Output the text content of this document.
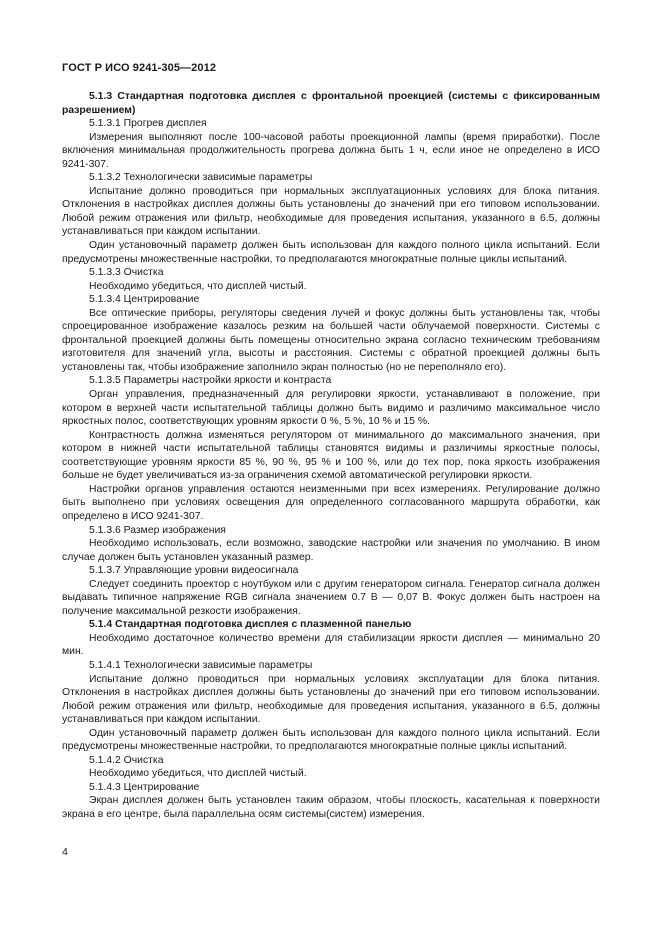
ГОСТ Р ИСО 9241-305—2012

5.1.3 Стандартная подготовка дисплея с фронтальной проекцией (системы с фиксированным разрешением)

5.1.3.1 Прогрев дисплея

Измерения выполняют после 100-часовой работы проекционной лампы (время приработки). После включения минимальная продолжительность прогрева должна быть 1 ч, если иное не определено в ИСО 9241-307.

5.1.3.2 Технологически зависимые параметры

Испытание должно проводиться при нормальных эксплуатационных условиях для блока питания. Отклонения в настройках дисплея должны быть установлены до значений при его типовом использовании. Любой режим отражения или фильтр, необходимые для проведения испытания, указанного в 6.5, должны устанавливаться при каждом испытании.

Один установочный параметр должен быть использован для каждого полного цикла испытаний. Если предусмотрены множественные настройки, то предполагаются многократные полные циклы испытаний.

5.1.3.3 Очистка

Необходимо убедиться, что дисплей чистый.

5.1.3.4 Центрирование

Все оптические приборы, регуляторы сведения лучей и фокус должны быть установлены так, чтобы спроецированное изображение казалось резким на большей части облучаемой поверхности. Системы с фронтальной проекцией должны быть помещены относительно экрана согласно техническим требованиям изготовителя для значений угла, высоты и расстояния. Системы с обратной проекцией должны быть установлены так, чтобы изображение заполнило экран полностью (но не переполняло его).

5.1.3.5 Параметры настройки яркости и контраста

Орган управления, предназначенный для регулировки яркости, устанавливают в положение, при котором в верхней части испытательной таблицы должно быть видимо и различимо максимальное число яркостных полос, соответствующих уровням яркости 0 %, 5 %, 10 % и 15 %.

Контрастность должна изменяться регулятором от минимального до максимального значения, при котором в нижней части испытательной таблицы становятся видимы и различимы яркостные полосы, соответствующие уровням яркости 85 %, 90 %, 95 % и 100 %, или до тех пор, пока яркость изображения больше не будет увеличиваться из-за ограничения схемой автоматической регулировки яркости.

Настройки органов управления остаются неизменными при всех измерениях. Регулирование должно быть выполнено при условиях освещения для определенного согласованного маршрута обработки, как определено в ИСО 9241-307.

5.1.3.6 Размер изображения

Необходимо использовать, если возможно, заводские настройки или значения по умолчанию. В ином случае должен быть установлен указанный размер.

5.1.3.7 Управляющие уровни видеосигнала

Следует соединить проектор с ноутбуком или с другим генератором сигнала. Генератор сигнала должен выдавать типичное напряжение RGB сигнала значением 0.7 В — 0,07 В. Фокус должен быть настроен на получение максимальной резкости изображения.

5.1.4 Стандартная подготовка дисплея с плазменной панелью

Необходимо достаточное количество времени для стабилизации яркости дисплея — минимально 20 мин.

5.1.4.1 Технологически зависимые параметры

Испытание должно проводиться при нормальных условиях эксплуатации для блока питания. Отклонения в настройках дисплея должны быть установлены до значений при его типовом использовании. Любой режим отражения или фильтр, необходимые для проведения испытания, указанного в 6.5, должны устанавливаться при каждом испытании.

Один установочный параметр должен быть использован для каждого полного цикла испытаний. Если предусмотрены множественные настройки, то предполагаются многократные полные циклы испытаний.

5.1.4.2 Очистка

Необходимо убедиться, что дисплей чистый.

5.1.4.3 Центрирование

Экран дисплея должен быть установлен таким образом, чтобы плоскость, касательная к поверхности экрана в его центре, была параллельна осям системы(систем) измерения.

4
